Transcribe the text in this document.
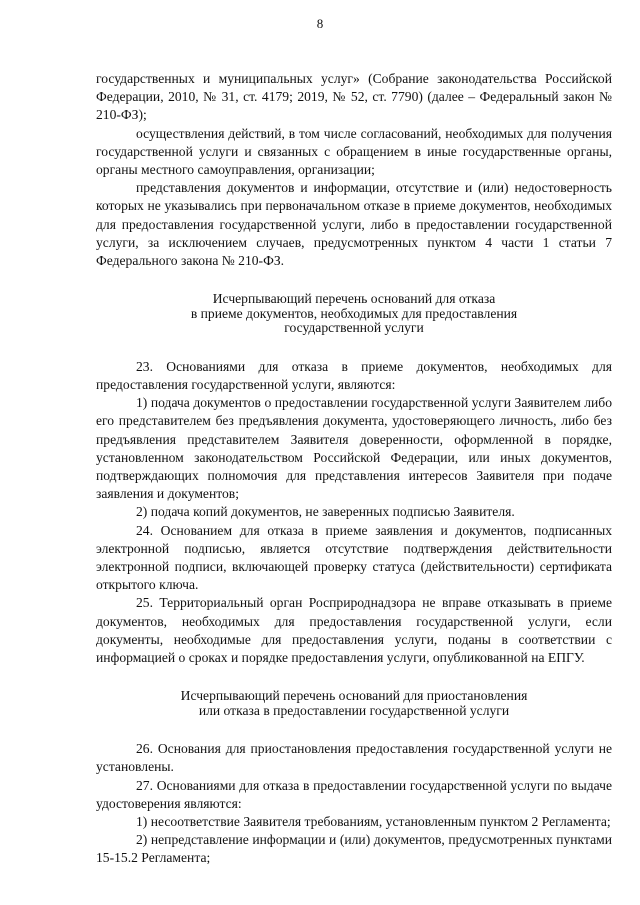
8

государственных и муниципальных услуг» (Собрание законодательства Российской Федерации, 2010, № 31, ст. 4179; 2019, № 52, ст. 7790) (далее – Федеральный закон № 210-ФЗ);

осуществления действий, в том числе согласований, необходимых для получения государственной услуги и связанных с обращением в иные государственные органы, органы местного самоуправления, организации;

представления документов и информации, отсутствие и (или) недостоверность которых не указывались при первоначальном отказе в приеме документов, необходимых для предоставления государственной услуги, либо в предоставлении государственной услуги, за исключением случаев, предусмотренных пунктом 4 части 1 статьи 7 Федерального закона № 210-ФЗ.

Исчерпывающий перечень оснований для отказа

в приеме документов, необходимых для предоставления

государственной услуги

23. Основаниями для отказа в приеме документов, необходимых для предоставления государственной услуги, являются:

1) подача документов о предоставлении государственной услуги Заявителем либо его представителем без предъявления документа, удостоверяющего личность, либо без предъявления представителем Заявителя доверенности, оформленной в порядке, установленном законодательством Российской Федерации, или иных документов, подтверждающих полномочия для представления интересов Заявителя при подаче заявления и документов;

2) подача копий документов, не заверенных подписью Заявителя.

24. Основанием для отказа в приеме заявления и документов, подписанных электронной подписью, является отсутствие подтверждения действительности электронной подписи, включающей проверку статуса (действительности) сертификата открытого ключа.

25. Территориальный орган Росприроднадзора не вправе отказывать в приеме документов, необходимых для предоставления государственной услуги, если документы, необходимые для предоставления услуги, поданы в соответствии с информацией о сроках и порядке предоставления услуги, опубликованной на ЕПГУ.

Исчерпывающий перечень оснований для приостановления

или отказа в предоставлении государственной услуги

26. Основания для приостановления предоставления государственной услуги не установлены.

27. Основаниями для отказа в предоставлении государственной услуги по выдаче удостоверения являются:

1) несоответствие Заявителя требованиям, установленным пунктом 2 Регламента;

2) непредставление информации и (или) документов, предусмотренных пунктами 15-15.2 Регламента;
